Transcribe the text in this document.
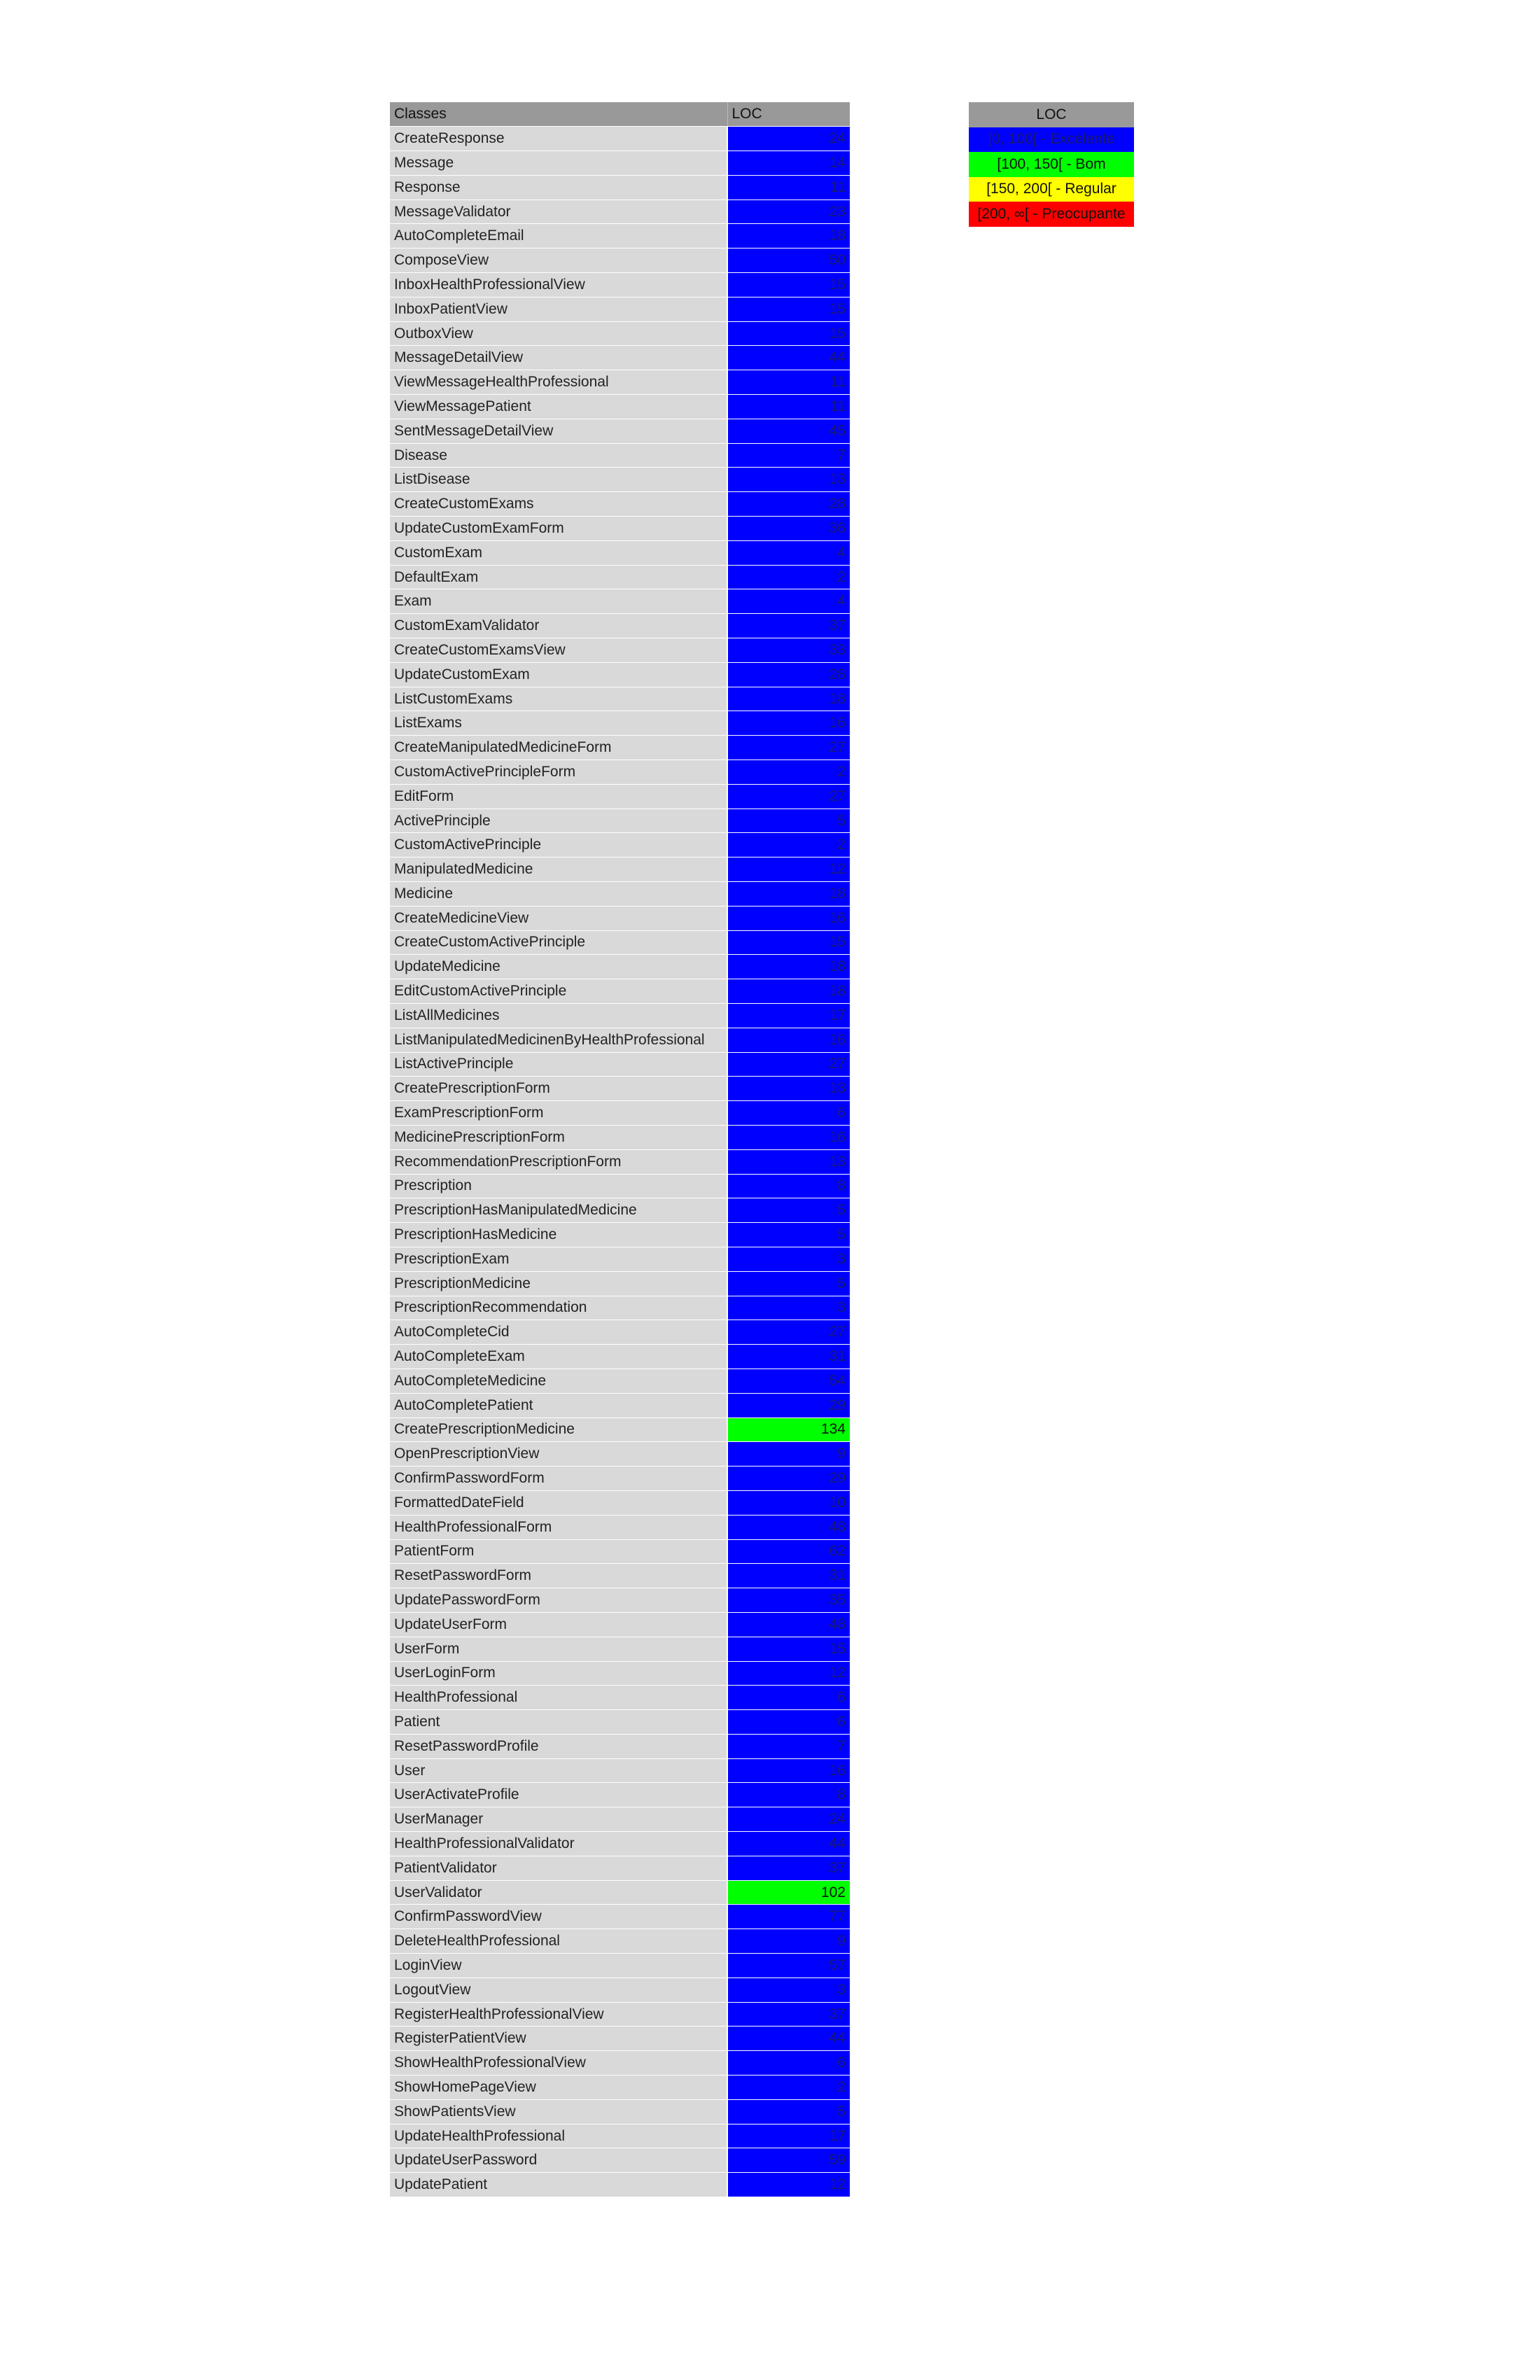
Classes	LOC
CreateResponse	24
Message	14
Response	11
MessageValidator	23
AutoCompleteEmail	18
ComposeView	50
InboxHealthProfessionalView	15
InboxPatientView	15
OutboxView	15
MessageDetailView	44
ViewMessageHealthProfessional	11
ViewMessagePatient	11
SentMessageDetailView	45
Disease	7
ListDisease	13
CreateCustomExams	28
UpdateCustomExamForm	36
CustomExam	4
DefaultExam	2
Exam	4
CustomExamValidator	37
CreateCustomExamsView	33
UpdateCustomExam	28
ListCustomExams	18
ListExams	16
CreateManipulatedMedicineForm	27
CustomActivePrincipleForm	2
EditForm	27
ActivePrinciple	5
CustomActivePrinciple	2
ManipulatedMedicine	12
Medicine	18
CreateMedicineView	16
CreateCustomActivePrinciple	15
UpdateMedicine	18
EditCustomActivePrinciple	18
ListAllMedicines	17
ListManipulatedMedicinenByHealthProfessional	16
ListActivePrinciple	27
CreatePrescriptionForm	13
ExamPrescriptionForm	6
MedicinePrescriptionForm	16
RecommendationPrescriptionForm	13
Prescription	8
PrescriptionHasManipulatedMedicine	5
PrescriptionHasMedicine	5
PrescriptionExam	3
PrescriptionMedicine	5
PrescriptionRecommendation	3
AutoCompleteCid	27
AutoCompleteExam	31
AutoCompleteMedicine	54
AutoCompletePatient	29
CreatePrescriptionMedicine	134
OpenPrescriptionView	9
ConfirmPasswordForm	29
FormattedDateField	10
HealthProfessionalForm	48
PatientForm	62
ResetPasswordForm	31
UpdatePasswordForm	35
UpdateUserForm	48
UserForm	15
UserLoginForm	12
HealthProfessional	6
Patient	6
ResetPasswordProfile	7
User	16
UserActivateProfile	8
UserManager	24
HealthProfessionalValidator	44
PatientValidator	37
UserValidator	102
ConfirmPasswordView	77
DeleteHealthProfessional	9
LoginView	57
LogoutView	3
RegisterHealthProfessionalView	37
RegisterPatientView	44
ShowHealthProfessionalView	6
ShowHomePageView	2
ShowPatientsView	5
UpdateHealthProfessional	17
UpdateUserPassword	59
UpdatePatient	12
LOC
[0, 100[ - Excelente
[100, 150[ - Bom
[150, 200[ - Regular
[200, ∞[ - Preocupante
